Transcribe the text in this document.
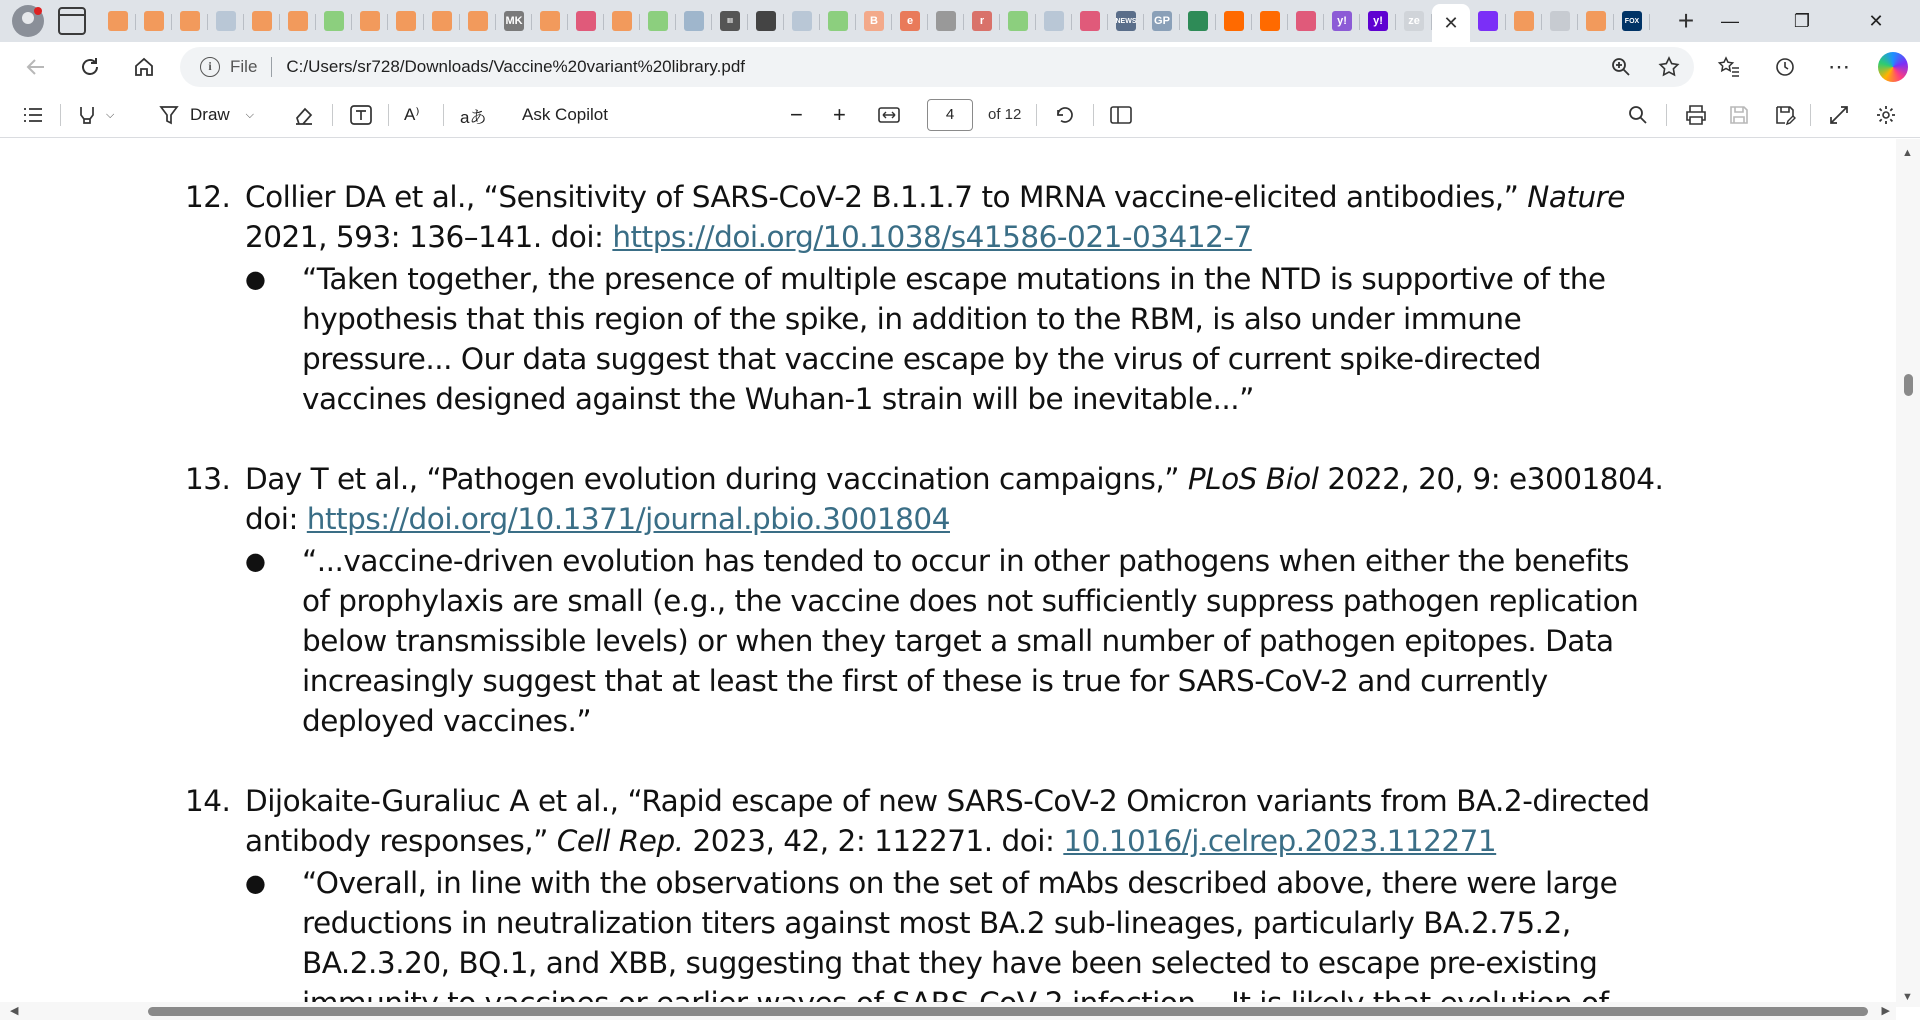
MK	III	B	e	r	NEWS GP	y!	y!	ze ✕	FOX	+	—	❐	✕
i	File C:/Users/sr728/Downloads/Vaccine%20variant%20library.pdf	⋯
⌵	Draw ⌵	A⁾ aあ Ask Copilot	− +	4	of 12
12. Collier DA et al., “Sensitivity of SARS-CoV-2 B.1.1.7 to MRNA vaccine-elicited antibodies,” Nature 2021, 593: 136–141. doi: https://doi.org/10.1038/s41586-021-03412-7
● “Taken together, the presence of multiple escape mutations in the NTD is supportive of the hypothesis that this region of the spike, in addition to the RBM, is also under immune pressure... Our data suggest that vaccine escape by the virus of current spike-directed vaccines designed against the Wuhan-1 strain will be inevitable...”
13. Day T et al., “Pathogen evolution during vaccination campaigns,” PLoS Biol 2022, 20, 9: e3001804. doi: https://doi.org/10.1371/journal.pbio.3001804
● “...vaccine-driven evolution has tended to occur in other pathogens when either the benefits of prophylaxis are small (e.g., the vaccine does not sufficiently suppress pathogen replication below transmissible levels) or when they target a small number of pathogen epitopes. Data increasingly suggest that at least the first of these is true for SARS-CoV-2 and currently deployed vaccines.”
14. Dijokaite-Guraliuc A et al., “Rapid escape of new SARS-CoV-2 Omicron variants from BA.2-directed antibody responses,” Cell Rep. 2023, 42, 2: 112271. doi: 10.1016/j.celrep.2023.112271
● “Overall, in line with the observations on the set of mAbs described above, there were large reductions in neutralization titers against most BA.2 sub-lineages, particularly BA.2.75.2, BA.2.3.20, BQ.1, and XBB, suggesting that they have been selected to escape pre-existing
▲
▼
◀	▶
